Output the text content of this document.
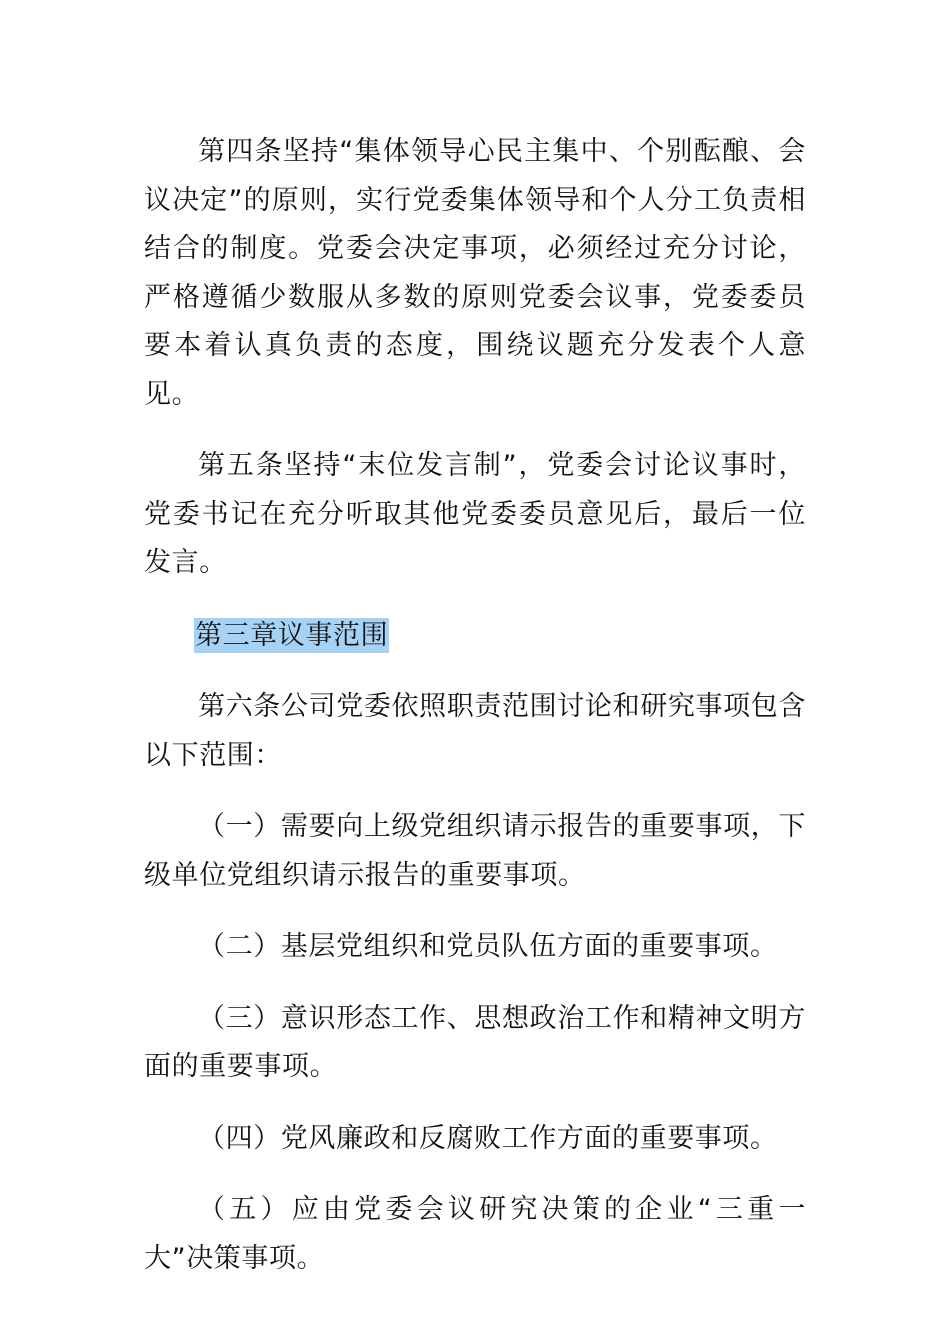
第四条坚持“集体领导心民主集中、个别酝酿、会议决定”的原则，实行党委集体领导和个人分工负责相结合的制度。党委会决定事项，必须经过充分讨论，严格遵循少数服从多数的原则党委会议事，党委委员要本着认真负责的态度，围绕议题充分发表个人意见。

第五条坚持“末位发言制”，党委会讨论议事时，党委书记在充分听取其他党委委员意见后，最后一位发言。

第三章议事范围

第六条公司党委依照职责范围讨论和研究事项包含以下范围：

（一）需要向上级党组织请示报告的重要事项，下级单位党组织请示报告的重要事项。

（二）基层党组织和党员队伍方面的重要事项。

（三）意识形态工作、思想政治工作和精神文明方面的重要事项。

（四）党风廉政和反腐败工作方面的重要事项。

（五）应由党委会议研究决策的企业“三重一大”决策事项。
